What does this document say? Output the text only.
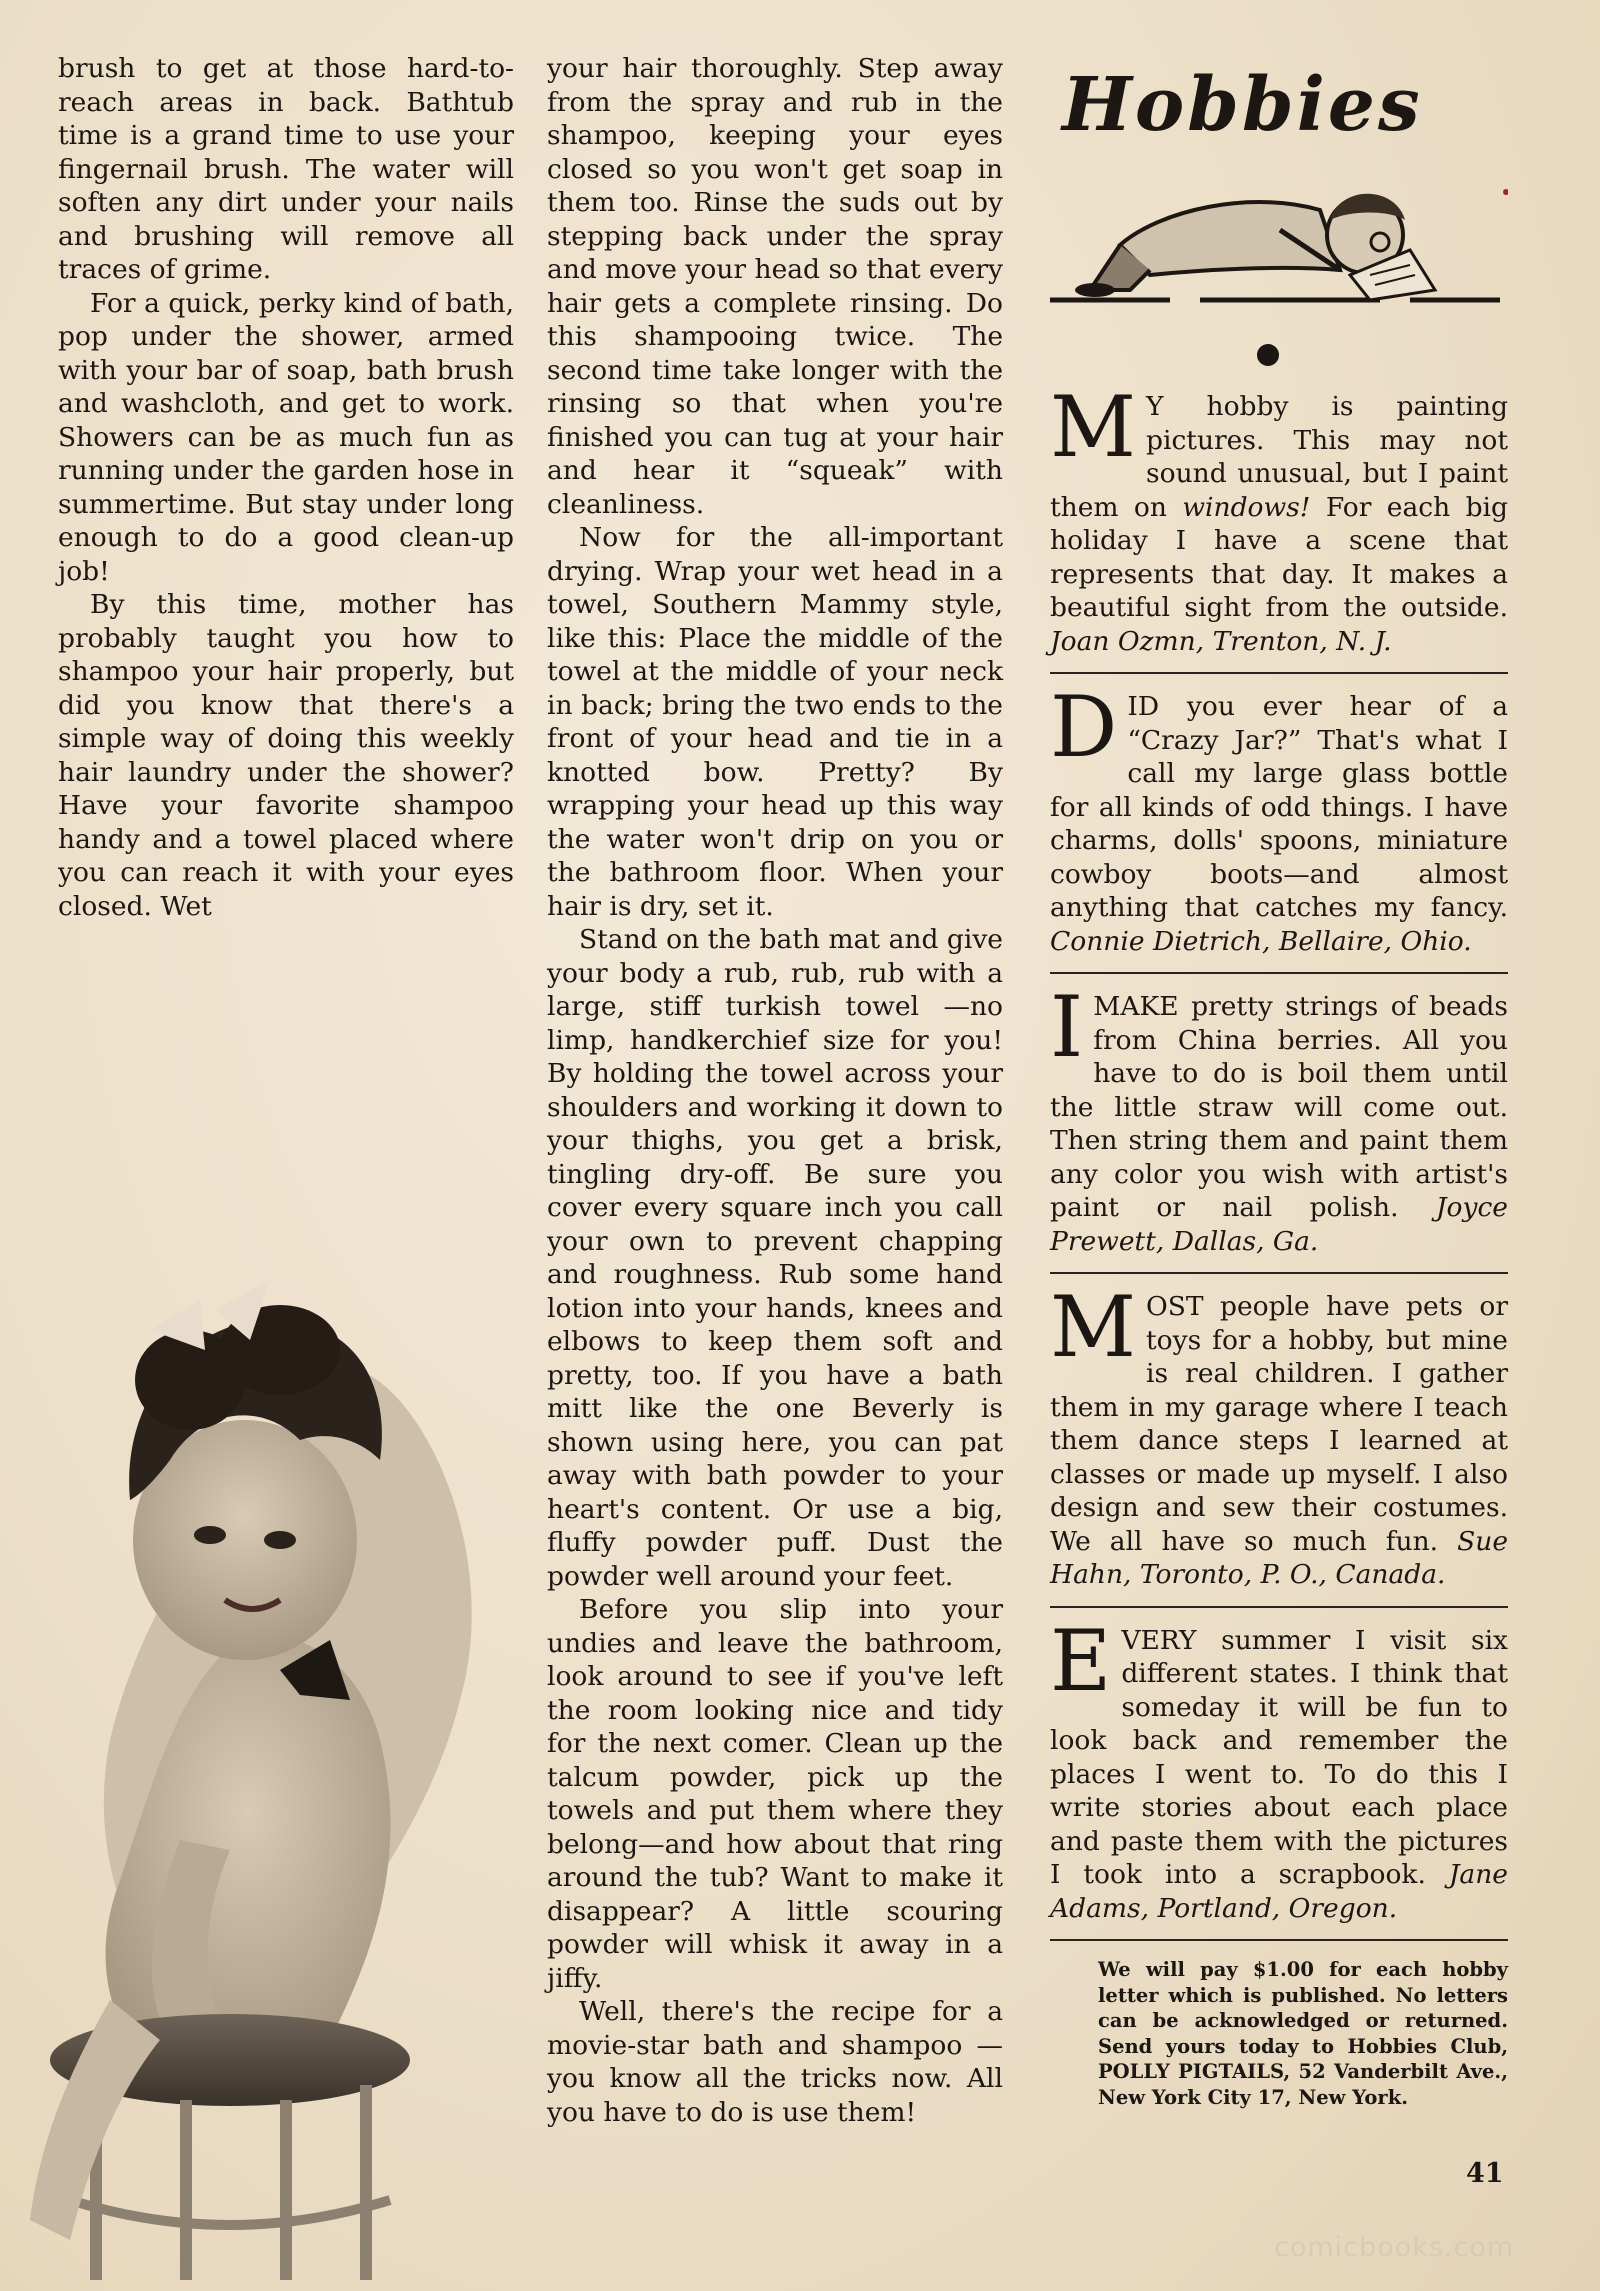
brush to get at those hard-to-reach areas in back. Bathtub time is a grand time to use your fingernail brush. The water will soften any dirt under your nails and brushing will remove all traces of grime.

For a quick, perky kind of bath, pop under the shower, armed with your bar of soap, bath brush and washcloth, and get to work. Showers can be as much fun as running under the garden hose in summertime. But stay under long enough to do a good clean-up job!

By this time, mother has probably taught you how to shampoo your hair properly, but did you know that there's a simple way of doing this weekly hair laundry under the shower? Have your favorite shampoo handy and a towel placed where you can reach it with your eyes closed. Wet

your hair thoroughly. Step away from the spray and rub in the shampoo, keeping your eyes closed so you won't get soap in them too. Rinse the suds out by stepping back under the spray and move your head so that every hair gets a complete rinsing. Do this shampooing twice. The second time take longer with the rinsing so that when you're finished you can tug at your hair and hear it “squeak” with cleanliness.

Now for the all-important drying. Wrap your wet head in a towel, Southern Mammy style, like this: Place the middle of the towel at the middle of your neck in back; bring the two ends to the front of your head and tie in a knotted bow. Pretty? By wrapping your head up this way the water won't drip on you or the bathroom floor. When your hair is dry, set it.

Stand on the bath mat and give your body a rub, rub, rub with a large, stiff turkish towel —no limp, handkerchief size for you! By holding the towel across your shoulders and working it down to your thighs, you get a brisk, tingling dry-off. Be sure you cover every square inch you call your own to prevent chapping and roughness. Rub some hand lotion into your hands, knees and elbows to keep them soft and pretty, too. If you have a bath mitt like the one Beverly is shown using here, you can pat away with bath powder to your heart's content. Or use a big, fluffy powder puff. Dust the powder well around your feet.

Before you slip into your undies and leave the bathroom, look around to see if you've left the room looking nice and tidy for the next comer. Clean up the talcum powder, pick up the towels and put them where they belong—and how about that ring around the tub? Want to make it disappear? A little scouring powder will whisk it away in a jiffy.

Well, there's the recipe for a movie-star bath and shampoo —you know all the tricks now. All you have to do is use them!

Hobbies
M Y hobby is painting pictures. This may not sound unusual, but I paint them on windows! For each big holiday I have a scene that represents that day. It makes a beautiful sight from the outside. Joan Ozmn, Trenton, N. J.
DID you ever hear of a “Crazy Jar?” That's what I call my large glass bottle for all kinds of odd things. I have charms, dolls' spoons, miniature cowboy boots—and almost anything that catches my fancy. Connie Dietrich, Bellaire, Ohio.
I MAKE pretty strings of beads from China berries. All you have to do is boil them until the little straw will come out. Then string them and paint them any color you wish with artist's paint or nail polish. Joyce Prewett, Dallas, Ga.
MOST people have pets or toys for a hobby, but mine is real children. I gather them in my garage where I teach them dance steps I learned at classes or made up myself. I also design and sew their costumes. We all have so much fun. Sue Hahn, Toronto, P. O., Canada.
EVERY summer I visit six different states. I think that someday it will be fun to look back and remember the places I went to. To do this I write stories about each place and paste them with the pictures I took into a scrapbook. Jane Adams, Portland, Oregon.
We will pay $1.00 for each hobby letter which is published. No letters can be acknowledged or returned. Send yours today to Hobbies Club, POLLY PIGTAILS, 52 Vanderbilt Ave., New York City 17, New York.
41
comicbooks.com
